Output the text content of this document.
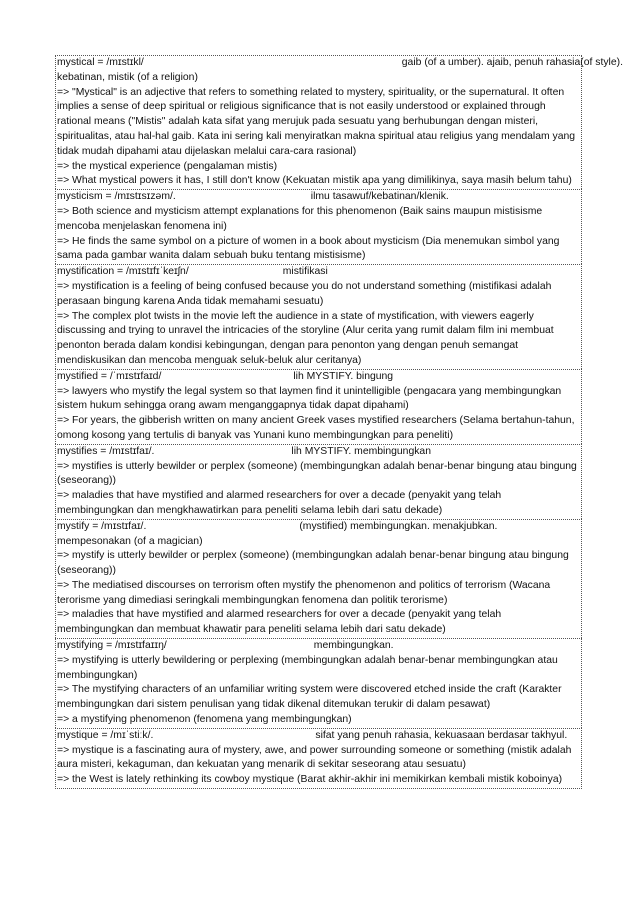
mystical = /mɪstɪkl/	gaib (of a umber). ajaib, penuh rahasia(of style).
kebatinan, mistik (of a religion)
=> "Mystical" is an adjective that refers to something related to mystery, spirituality, or the supernatural. It often implies a sense of deep spiritual or religious significance that is not easily understood or explained through rational means ("Mistis" adalah kata sifat yang merujuk pada sesuatu yang berhubungan dengan misteri, spiritualitas, atau hal-hal gaib. Kata ini sering kali menyiratkan makna spiritual atau religius yang mendalam yang tidak mudah dipahami atau dijelaskan melalui cara-cara rasional)
=> the mystical experience (pengalaman mistis)
=> What mystical powers it has, I still don't know (Kekuatan mistik apa yang dimilikinya, saya masih belum tahu)
mysticism = /mɪstɪsɪzəm/.	ilmu tasawuf/kebatinan/klenik.
=> Both science and mysticism attempt explanations for this phenomenon (Baik sains maupun mistisisme mencoba menjelaskan fenomena ini)
=> He finds the same symbol on a picture of women in a book about mysticism (Dia menemukan simbol yang sama pada gambar wanita dalam sebuah buku tentang mistisisme)
mystification = /mɪstɪfɪˈkeɪʃn/	mistifikasi
=> mystification is a feeling of being confused because you do not understand something (mistifikasi adalah perasaan bingung karena Anda tidak memahami sesuatu)
=> The complex plot twists in the movie left the audience in a state of mystification, with viewers eagerly discussing and trying to unravel the intricacies of the storyline (Alur cerita yang rumit dalam film ini membuat penonton berada dalam kondisi kebingungan, dengan para penonton yang dengan penuh semangat mendiskusikan dan mencoba menguak seluk-beluk alur ceritanya)
mystified = /ˈmɪstɪfaɪd/	lih MYSTIFY. bingung
=> lawyers who mystify the legal system so that laymen find it unintelligible (pengacara yang membingungkan sistem hukum sehingga orang awam menganggapnya tidak dapat dipahami)
=> For years, the gibberish written on many ancient Greek vases mystified researchers (Selama bertahun-tahun, omong kosong yang tertulis di banyak vas Yunani kuno membingungkan para peneliti)
mystifies = /mɪstɪfaɪ/.	lih MYSTIFY. membingungkan
=> mystifies is utterly bewilder or perplex (someone) (membingungkan adalah benar-benar bingung atau bingung (seseorang))
=> maladies that have mystified and alarmed researchers for over a decade (penyakit yang telah membingungkan dan mengkhawatirkan para peneliti selama lebih dari satu dekade)
mystify = /mɪstɪfaɪ/.	(mystified) membingungkan. menakjubkan.
mempesonakan (of a magician)
=> mystify is utterly bewilder or perplex (someone) (membingungkan adalah benar-benar bingung atau bingung (seseorang))
=> The mediatised discourses on terrorism often mystify the phenomenon and politics of terrorism (Wacana terorisme yang dimediasi seringkali membingungkan fenomena dan politik terorisme)
=> maladies that have mystified and alarmed researchers for over a decade (penyakit yang telah membingungkan dan membuat khawatir para peneliti selama lebih dari satu dekade)
mystifying = /mɪstɪfaɪɪŋ/	membingungkan.
=> mystifying is utterly bewildering or perplexing (membingungkan adalah benar-benar membingungkan atau membingungkan)
=> The mystifying characters of an unfamiliar writing system were discovered etched inside the craft (Karakter membingungkan dari sistem penulisan yang tidak dikenal ditemukan terukir di dalam pesawat)
=> a mystifying phenomenon (fenomena yang membingungkan)
mystique = /mɪˈstiːk/.	sifat yang penuh rahasia, kekuasaan berdasar takhyul.
=> mystique is a fascinating aura of mystery, awe, and power surrounding someone or something (mistik adalah aura misteri, kekaguman, dan kekuatan yang menarik di sekitar seseorang atau sesuatu)
=> the West is lately rethinking its cowboy mystique (Barat akhir-akhir ini memikirkan kembali mistik koboinya)
